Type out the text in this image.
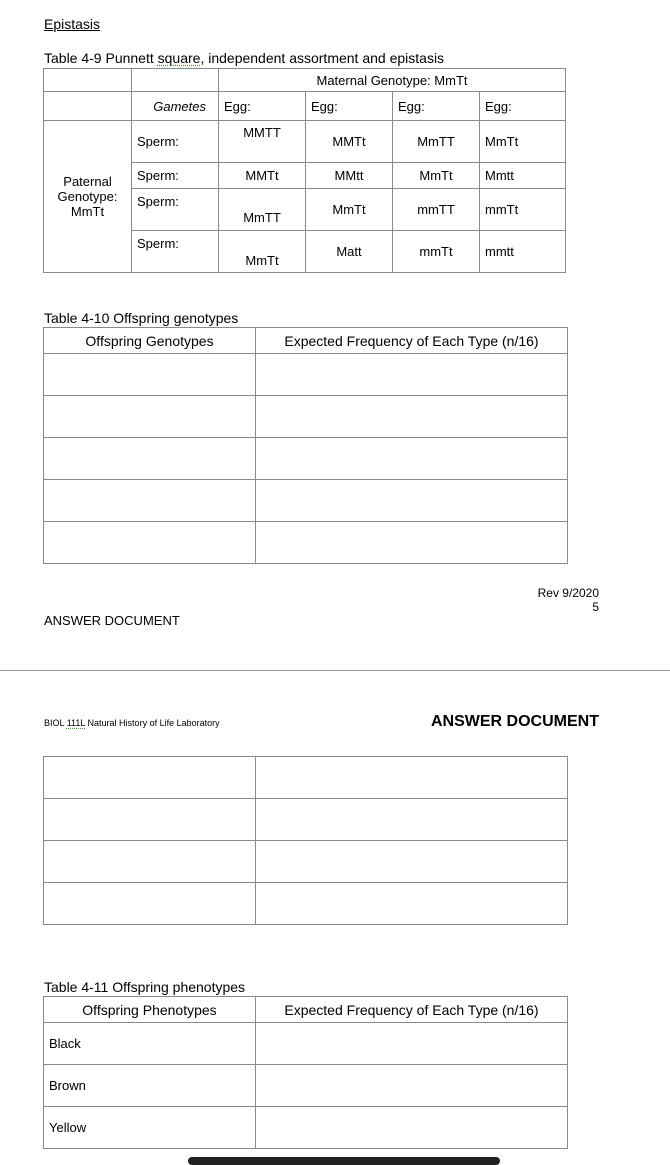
Epistasis
Table 4-9 Punnett square, independent assortment and epistasis
		Maternal Genotype: MmTt			
	Gametes	Egg:	Egg:	Egg:	Egg:

Paternal
Genotype:
MmTt	Sperm:	MMTT	MMTt	MmTT	MmTt
	Sperm:	MMTt	MMtt	MmTt	Mmtt
	Sperm:	MmTT	MmTt	mmTT	mmTt
	Sperm:	MmTt	Matt	mmTt	mmtt
Table 4-10 Offspring genotypes
Offspring Genotypes	Expected Frequency of Each Type (n/16)

Rev 9/2020
5
ANSWER DOCUMENT
BIOL 111L Natural History of Life Laboratory	ANSWER DOCUMENT

Table 4-11 Offspring phenotypes
Offspring Phenotypes	Expected Frequency of Each Type (n/16)
Black	
Brown	
Yellow	
